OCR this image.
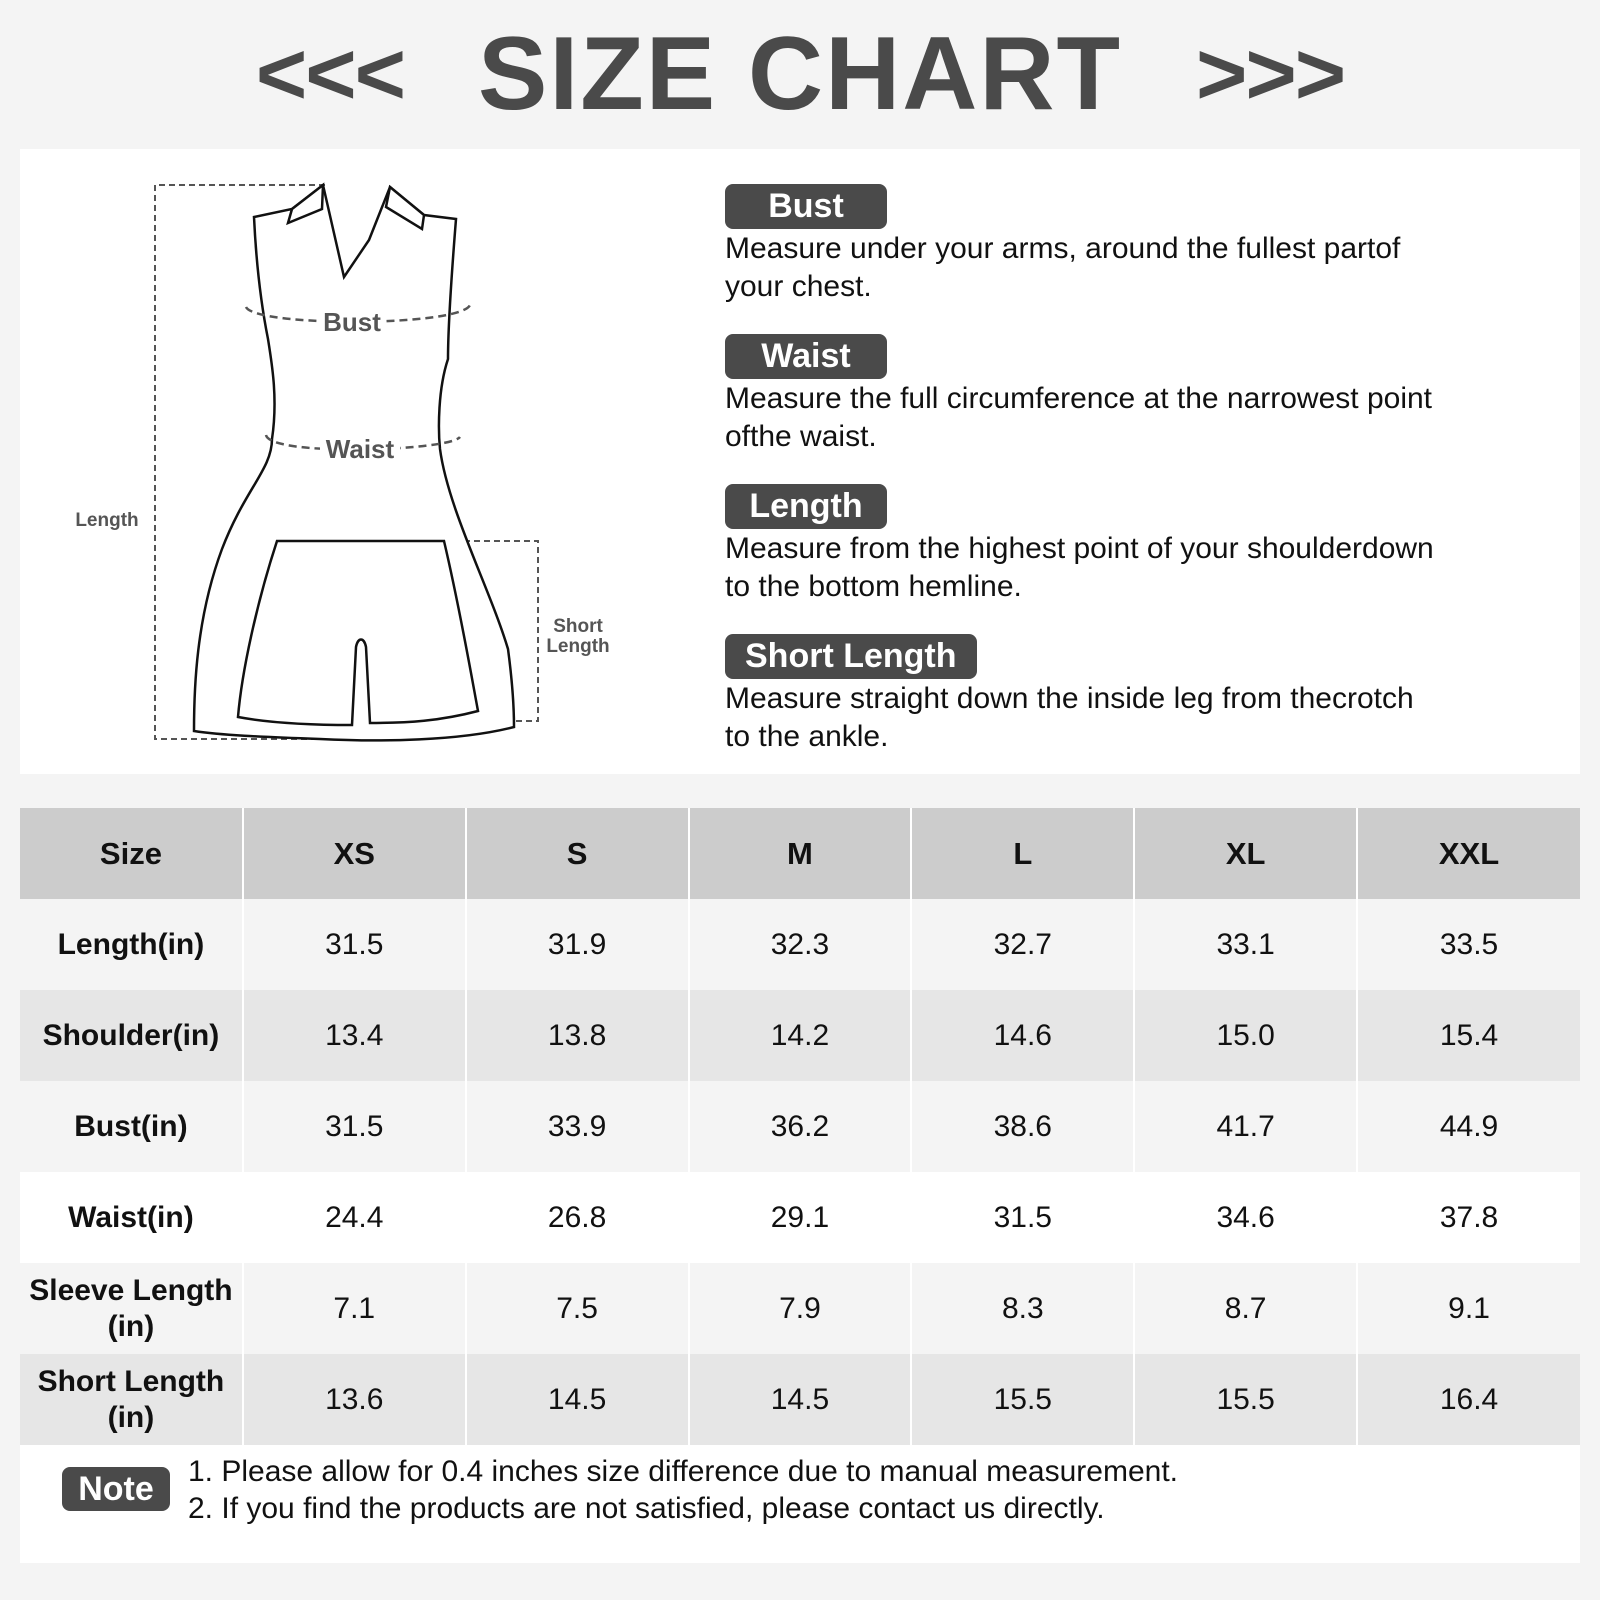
<<< SIZE CHART >>>
Bust
Waist
Length
Short
Length
Bust
Measure under your arms, around the fullest partof
your chest.
Waist
Measure the full circumference at the narrowest point
ofthe waist.
Length
Measure from the highest point of your shoulderdown
to the bottom hemline.
Short Length
Measure straight down the inside leg from thecrotch
to the ankle.
Size	XS	S	M	L	XL	XXL
Length(in)	31.5	31.9	32.3	32.7	33.1	33.5
Shoulder(in)	13.4	13.8	14.2	14.6	15.0	15.4
Bust(in)	31.5	33.9	36.2	38.6	41.7	44.9
Waist(in)	24.4	26.8	29.1	31.5	34.6	37.8
Sleeve Length
(in)	7.1	7.5	7.9	8.3	8.7	9.1
Short Length
(in)	13.6	14.5	14.5	15.5	15.5	16.4
Note	1. Please allow for 0.4 inches size difference due to manual measurement.
2. If you find the products are not satisfied, please contact us directly.
